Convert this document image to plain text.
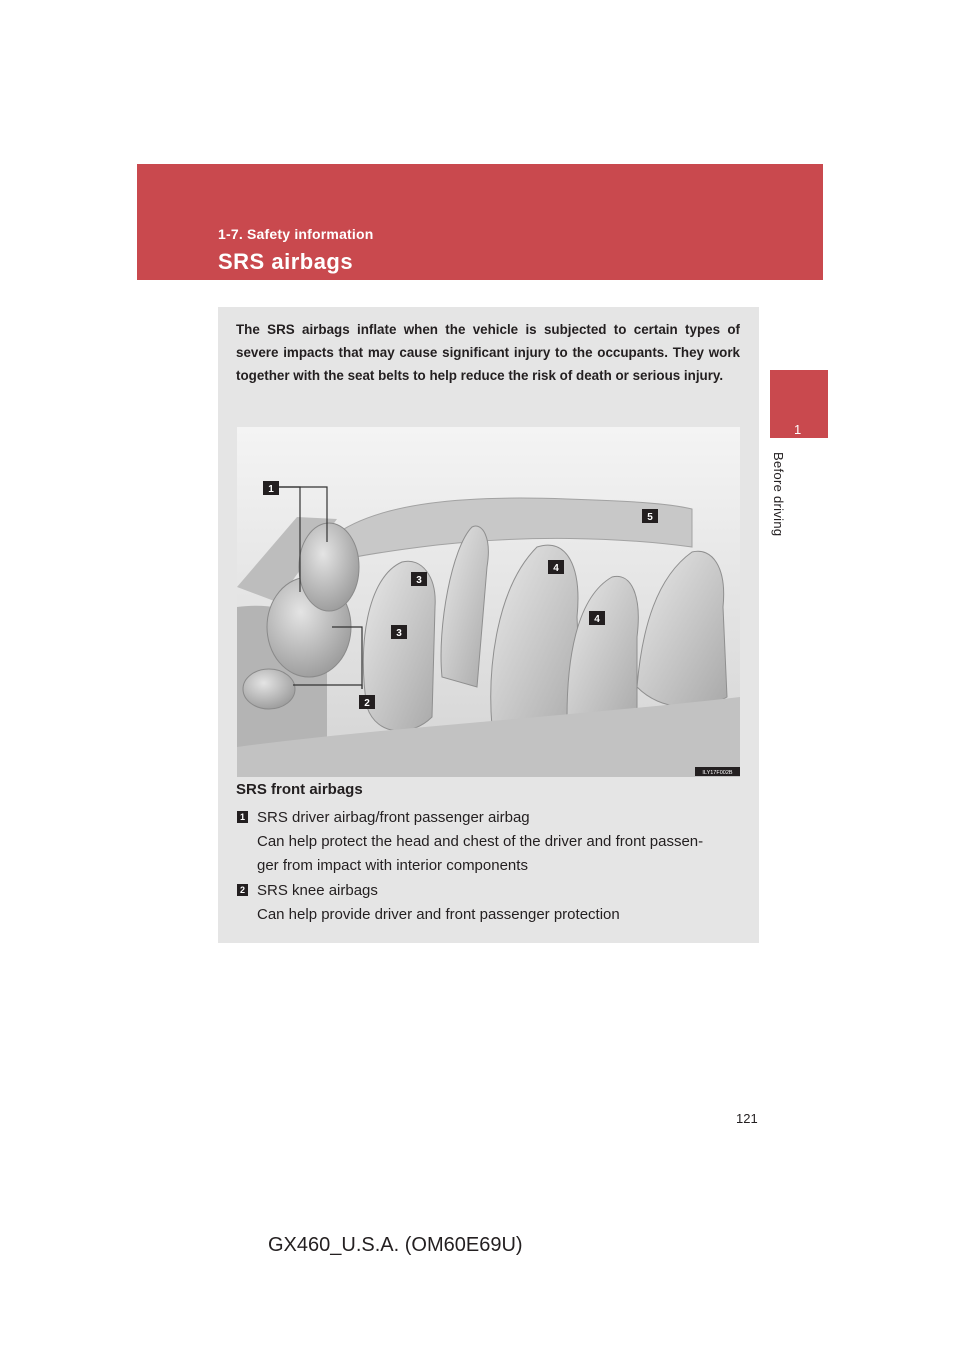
1-7. Safety information
SRS airbags
1
Before driving
The SRS airbags inflate when the vehicle is subjected to certain types of severe impacts that may cause significant injury to the occupants. They work together with the seat belts to help reduce the risk of death or serious injury.
1
2
3
3
4
4
5
ILY17F002B
SRS front airbags
1 SRS driver airbag/front passenger airbag
Can help protect the head and chest of the driver and front passen-
ger from impact with interior components
2 SRS knee airbags
Can help provide driver and front passenger protection
121
GX460_U.S.A. (OM60E69U)
